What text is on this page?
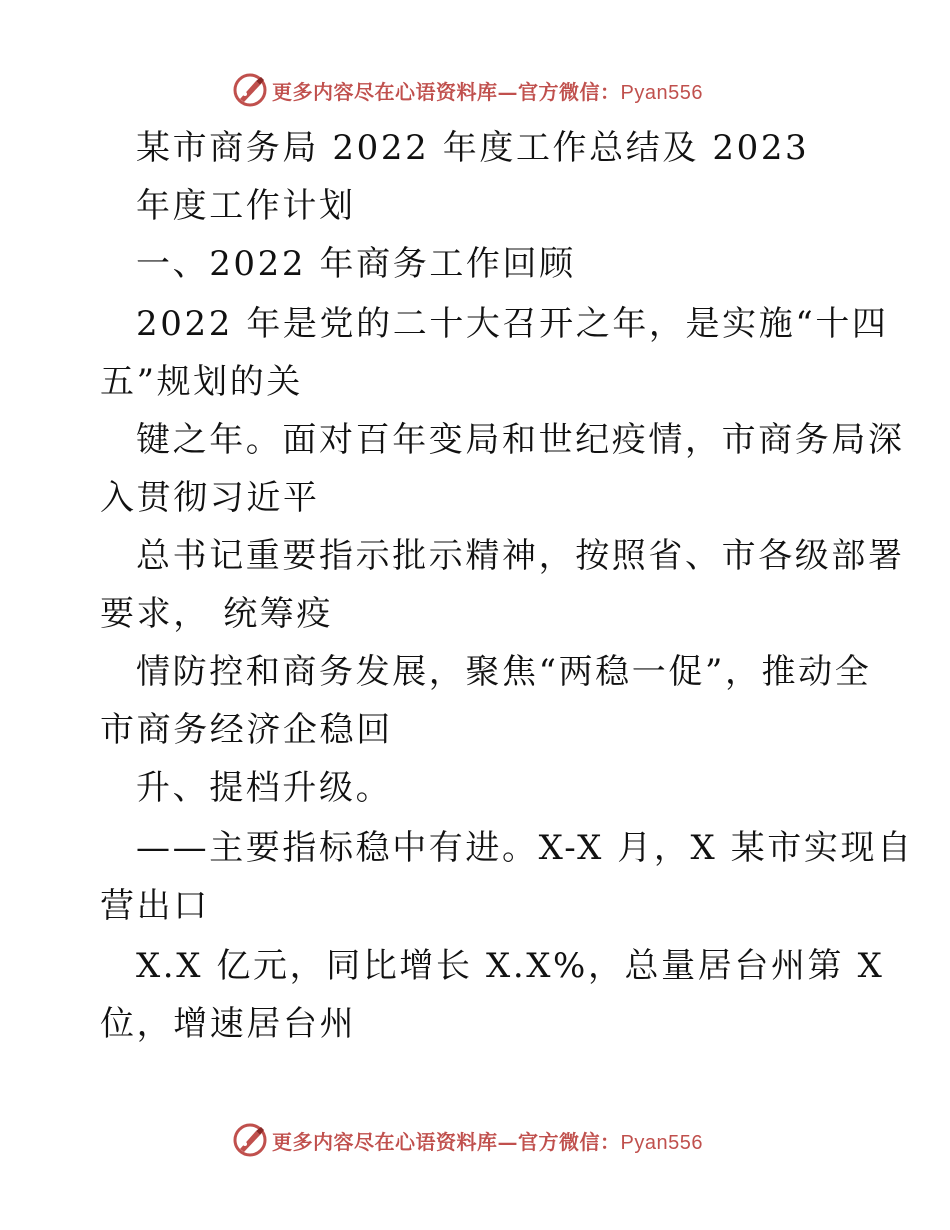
更多内容尽在心语资料库—官方微信：Pyan556
某市商务局 2022 年度工作总结及 2023
年度工作计划
一、2022 年商务工作回顾
2022 年是党的二十大召开之年，是实施“十四
五”规划的关
键之年。面对百年变局和世纪疫情，市商务局深
入贯彻习近平
总书记重要指示批示精神，按照省、市各级部署
要求， 统筹疫
情防控和商务发展，聚焦“两稳一促”，推动全
市商务经济企稳回
升、提档升级。
——主要指标稳中有进。X-X 月，X 某市实现自
营出口
X.X 亿元，同比增长 X.X%，总量居台州第 X
位，增速居台州
更多内容尽在心语资料库—官方微信：Pyan556
